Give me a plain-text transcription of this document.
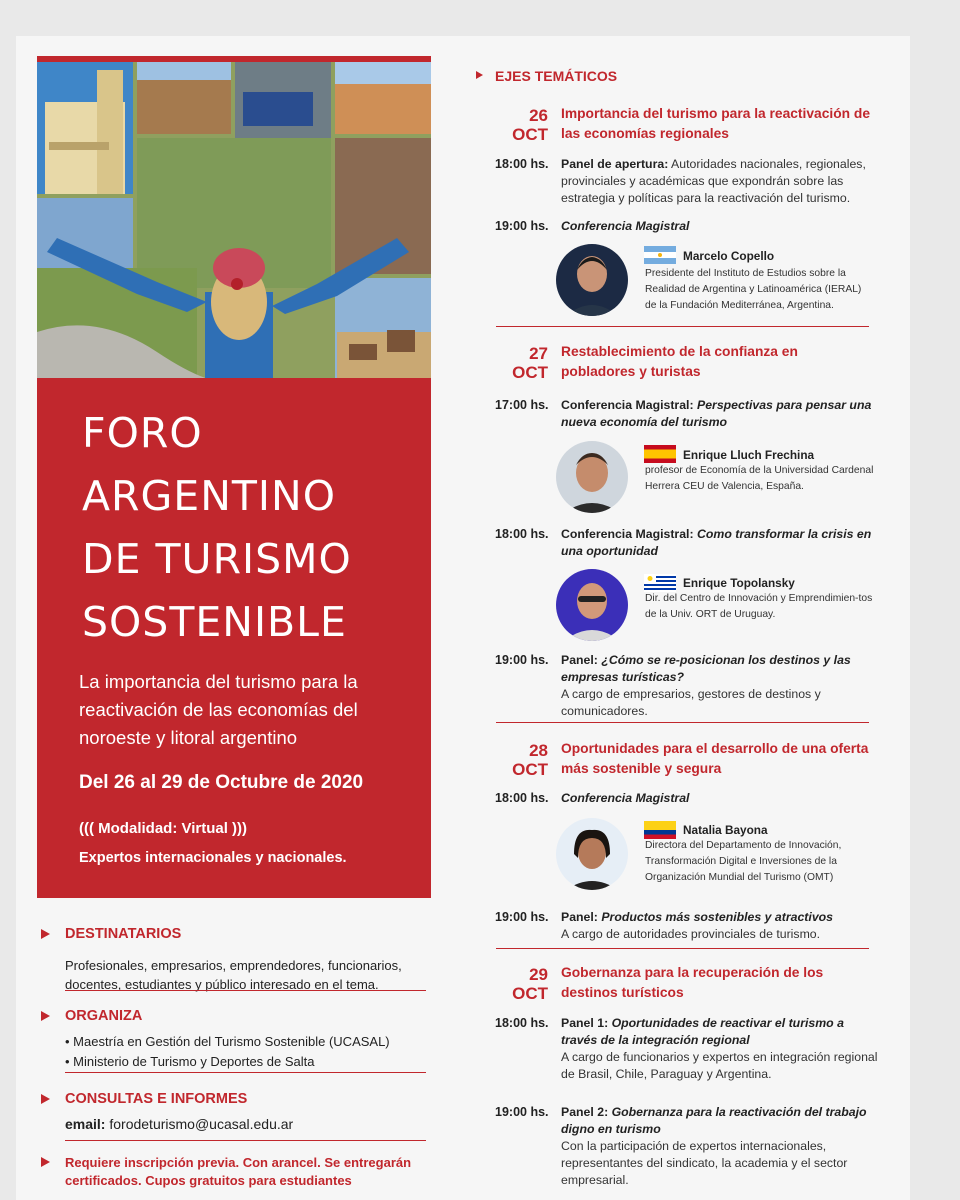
FORO
ARGENTINO
DE TURISMO
SOSTENIBLE
La importancia del turismo para la reactivación de las economías del noroeste y litoral argentino
Del 26 al 29 de Octubre de 2020
((( Modalidad: Virtual )))
Expertos internacionales y nacionales.
DESTINATARIOS
Profesionales, empresarios, emprendedores, funcionarios, docentes, estudiantes y público interesado en el tema.
ORGANIZA
• Maestría en Gestión del Turismo Sostenible (UCASAL)
• Ministerio de Turismo y Deportes de Salta
CONSULTAS E INFORMES
email: forodeturismo@ucasal.edu.ar
Requiere inscripción previa. Con arancel. Se entregarán certificados. Cupos gratuitos para estudiantes
EJES TEMÁTICOS
26
OCT
Importancia del turismo para la reactivación de las economías regionales
18:00 hs. Panel de apertura: Autoridades nacionales, regionales, provinciales y académicas que expondrán sobre las estrategia y políticas para la reactivación del turismo.
19:00 hs. Conferencia Magistral
Marcelo Copello
Presidente del Instituto de Estudios sobre la Realidad de Argentina y Latinoamérica (IERAL) de la Fundación Mediterránea, Argentina.
27
OCT
Restablecimiento de la confianza en pobladores y turistas
17:00 hs. Conferencia Magistral: Perspectivas para pensar una nueva economía del turismo
Enrique Lluch Frechina
profesor de Economía de la Universidad Cardenal Herrera CEU de Valencia, España.
18:00 hs. Conferencia Magistral: Como transformar la crisis en una oportunidad
Enrique Topolansky
Dir. del Centro de Innovación y Emprendimien-tos de la Univ. ORT de Uruguay.
19:00 hs. Panel: ¿Cómo se re-posicionan los destinos y las empresas turísticas?
A cargo de empresarios, gestores de destinos y comunicadores.
28
OCT
Oportunidades para el desarrollo de una oferta más sostenible y segura
18:00 hs. Conferencia Magistral
Natalia Bayona
Directora del Departamento de Innovación, Transformación Digital e Inversiones de la Organización Mundial del Turismo (OMT)
19:00 hs. Panel: Productos más sostenibles y atractivos
A cargo de autoridades provinciales de turismo.
29
OCT
Gobernanza para la recuperación de los destinos turísticos
18:00 hs. Panel 1: Oportunidades de reactivar el turismo a través de la integración regional
A cargo de funcionarios y expertos en integración regional de Brasil, Chile, Paraguay y Argentina.
19:00 hs. Panel 2: Gobernanza para la reactivación del trabajo digno en turismo
Con la participación de expertos internacionales, representantes del sindicato, la academia y el sector empresarial.
